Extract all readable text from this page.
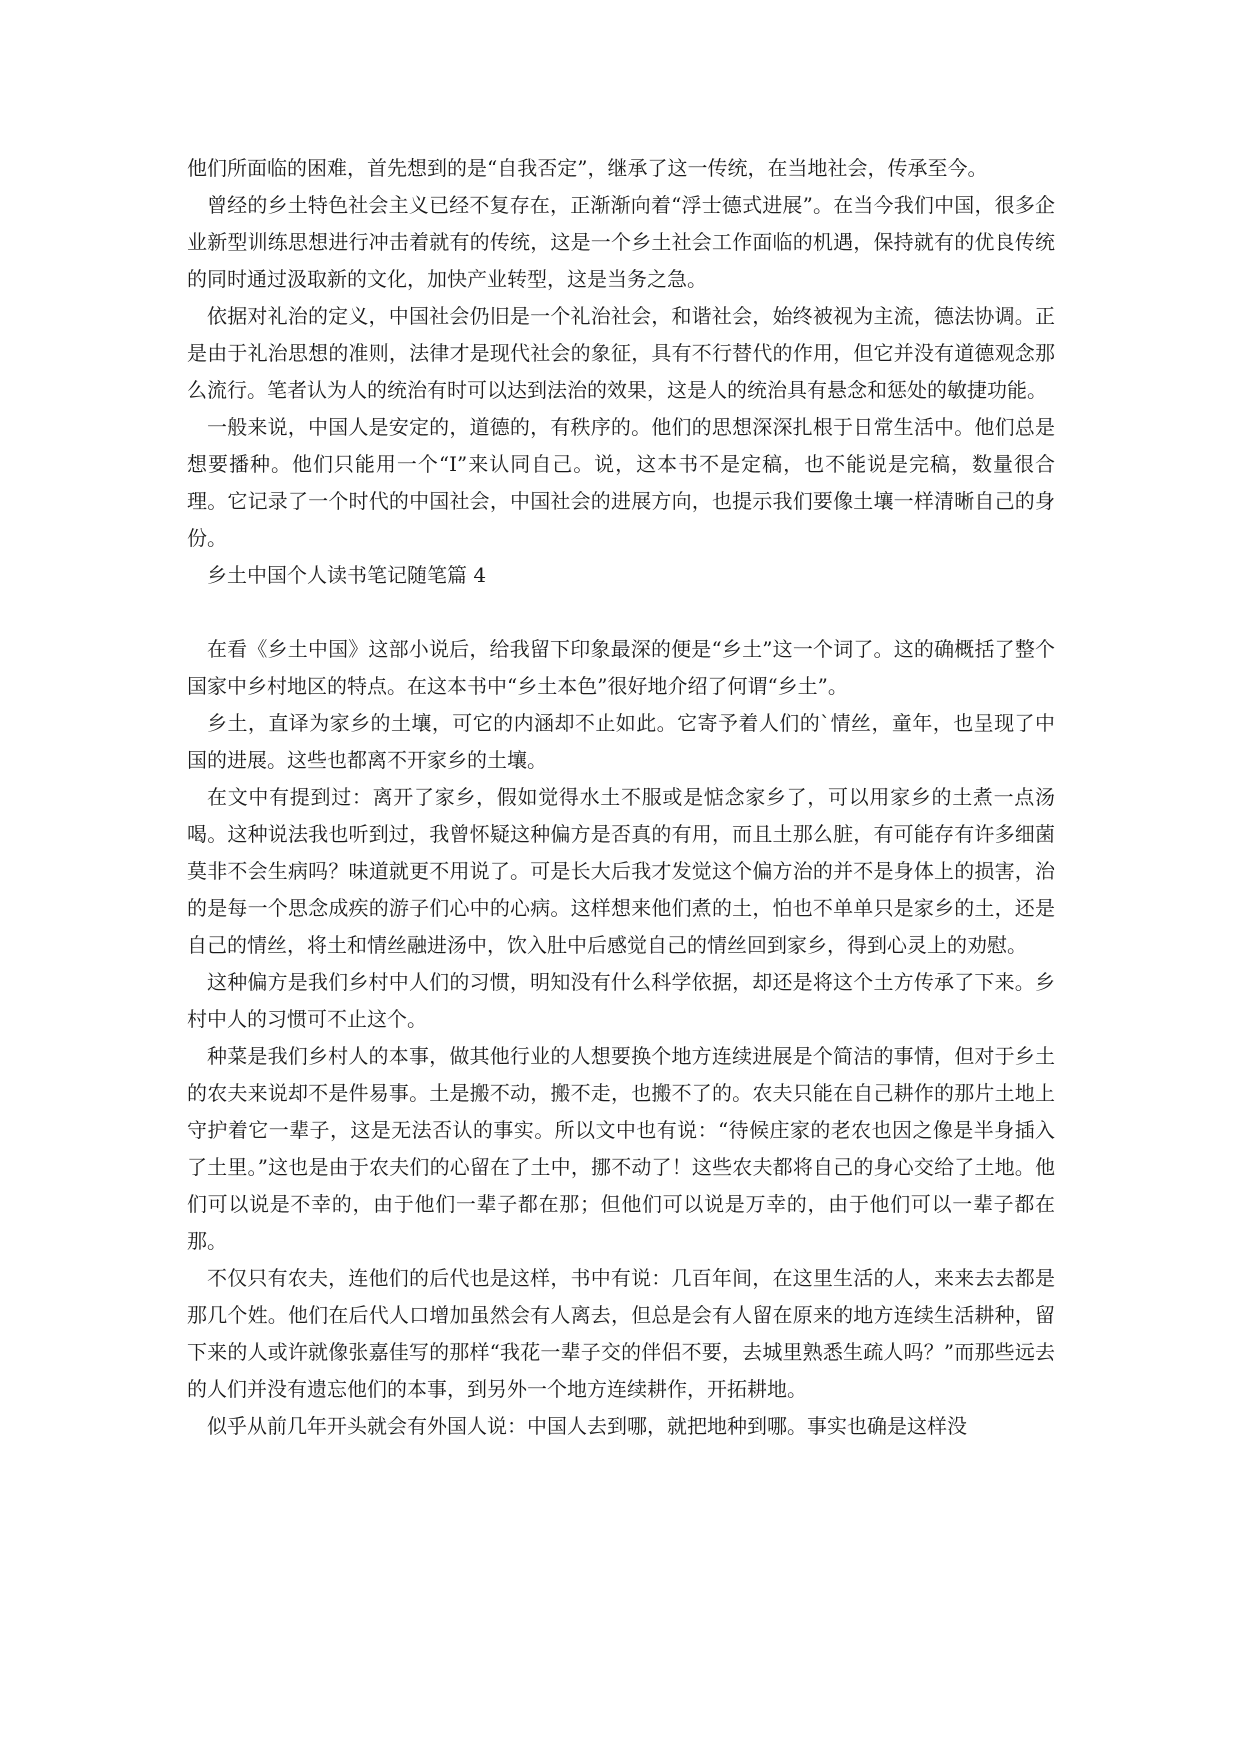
他们所面临的困难，首先想到的是“自我否定”，继承了这一传统，在当地社会，传承至今。

曾经的乡土特色社会主义已经不复存在，正渐渐向着“浮士德式进展”。在当今我们中国，很多企业新型训练思想进行冲击着就有的传统，这是一个乡土社会工作面临的机遇，保持就有的优良传统的同时通过汲取新的文化，加快产业转型，这是当务之急。

依据对礼治的定义，中国社会仍旧是一个礼治社会，和谐社会，始终被视为主流，德法协调。正是由于礼治思想的准则，法律才是现代社会的象征，具有不行替代的作用，但它并没有道德观念那么流行。笔者认为人的统治有时可以达到法治的效果，这是人的统治具有悬念和惩处的敏捷功能。

一般来说，中国人是安定的，道德的，有秩序的。他们的思想深深扎根于日常生活中。他们总是想要播种。他们只能用一个“I”来认同自己。说，这本书不是定稿，也不能说是完稿，数量很合理。它记录了一个时代的中国社会，中国社会的进展方向，也提示我们要像土壤一样清晰自己的身份。

乡土中国个人读书笔记随笔篇 4

在看《乡土中国》这部小说后，给我留下印象最深的便是“乡土”这一个词了。这的确概括了整个国家中乡村地区的特点。在这本书中“乡土本色”很好地介绍了何谓“乡土”。

乡土，直译为家乡的土壤，可它的内涵却不止如此。它寄予着人们的`情丝，童年，也呈现了中国的进展。这些也都离不开家乡的土壤。

在文中有提到过：离开了家乡，假如觉得水土不服或是惦念家乡了，可以用家乡的土煮一点汤喝。这种说法我也听到过，我曾怀疑这种偏方是否真的有用，而且土那么脏，有可能存有许多细菌莫非不会生病吗？味道就更不用说了。可是长大后我才发觉这个偏方治的并不是身体上的损害，治的是每一个思念成疾的游子们心中的心病。这样想来他们煮的土，怕也不单单只是家乡的土，还是自己的情丝，将土和情丝融进汤中，饮入肚中后感觉自己的情丝回到家乡，得到心灵上的劝慰。

这种偏方是我们乡村中人们的习惯，明知没有什么科学依据，却还是将这个土方传承了下来。乡村中人的习惯可不止这个。

种菜是我们乡村人的本事，做其他行业的人想要换个地方连续进展是个简洁的事情，但对于乡土的农夫来说却不是件易事。土是搬不动，搬不走，也搬不了的。农夫只能在自己耕作的那片土地上守护着它一辈子，这是无法否认的事实。所以文中也有说：“待候庄家的老农也因之像是半身插入了土里。”这也是由于农夫们的心留在了土中，挪不动了！这些农夫都将自己的身心交给了土地。他们可以说是不幸的，由于他们一辈子都在那；但他们可以说是万幸的，由于他们可以一辈子都在那。

不仅只有农夫，连他们的后代也是这样，书中有说：几百年间，在这里生活的人，来来去去都是那几个姓。他们在后代人口增加虽然会有人离去，但总是会有人留在原来的地方连续生活耕种，留下来的人或许就像张嘉佳写的那样“我花一辈子交的伴侣不要，去城里熟悉生疏人吗？”而那些远去的人们并没有遗忘他们的本事，到另外一个地方连续耕作，开拓耕地。

似乎从前几年开头就会有外国人说：中国人去到哪，就把地种到哪。事实也确是这样没
